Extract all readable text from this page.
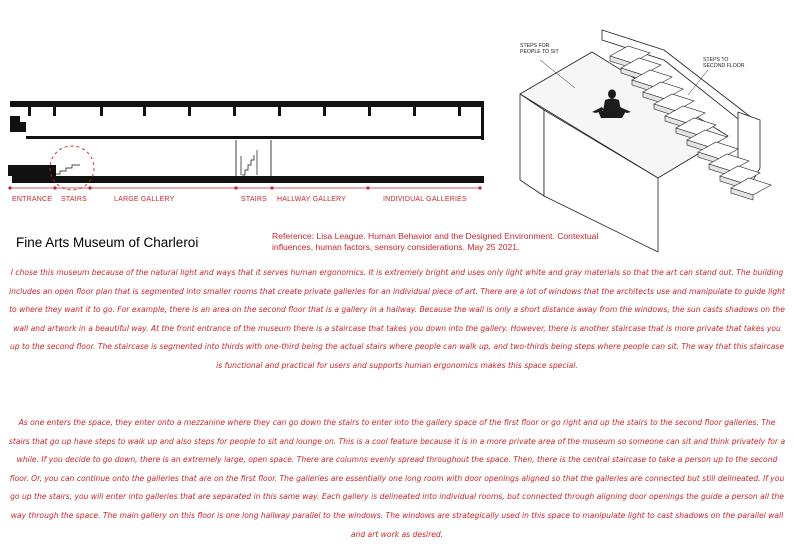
ENTRANCE STAIRS	LARGE GALLERY	STAIRS HALLWAY GALLERY	INDIVIDUAL GALLERIES
STEPS FOR
PEOPLE TO SIT
STEPS TO
SECOND FLOOR
Fine Arts Museum of Charleroi	Reference: Lisa League. Human Behavior and the Designed Environment. Contextual influences, human factors, sensory considerations. May 25 2021.

I chose this museum because of the natural light and ways that it serves human ergonomics. It is extremely bright and uses only light white and gray materials so that the art can stand out. The building includes an open floor plan that is segmented into smaller rooms that create private galleries for an individual piece of art. There are a lot of windows that the architects use and manipulate to guide light to where they want it to go. For example, there is an area on the second floor that is a gallery in a hallway. Because the wall is only a short distance away from the windows, the sun casts shadows on the wall and artwork in a beautiful way. At the front entrance of the museum there is a staircase that takes you down into the gallery. However, there is another staircase that is more private that takes you up to the second floor. The staircase is segmented into thirds with one-third being the actual stairs where people can walk up, and two-thirds being steps where people can sit. The way that this staircase is functional and practical for users and supports human ergonomics makes this space special.

As one enters the space, they enter onto a mezzanine where they can go down the stairs to enter into the gallery space of the first floor or go right and up the stairs to the second floor galleries. The stairs that go up have steps to walk up and also steps for people to sit and lounge on. This is a cool feature because it is in a more private area of the museum so someone can sit and think privately for a while. If you decide to go down, there is an extremely large, open space. There are columns evenly spread throughout the space. Then, there is the central staircase to take a person up to the second floor. Or, you can continue onto the galleries that are on the first floor. The galleries are essentially one long room with door openings aligned so that the galleries are connected but still delineated. If you go up the stairs, you will enter into galleries that are separated in this same way. Each gallery is delineated into individual rooms, but connected through aligning door openings the guide a person all the way through the space. The main gallery on this floor is one long hallway parallel to the windows. The windows are strategically used in this space to manipulate light to cast shadows on the parallel wall and art work as desired.
